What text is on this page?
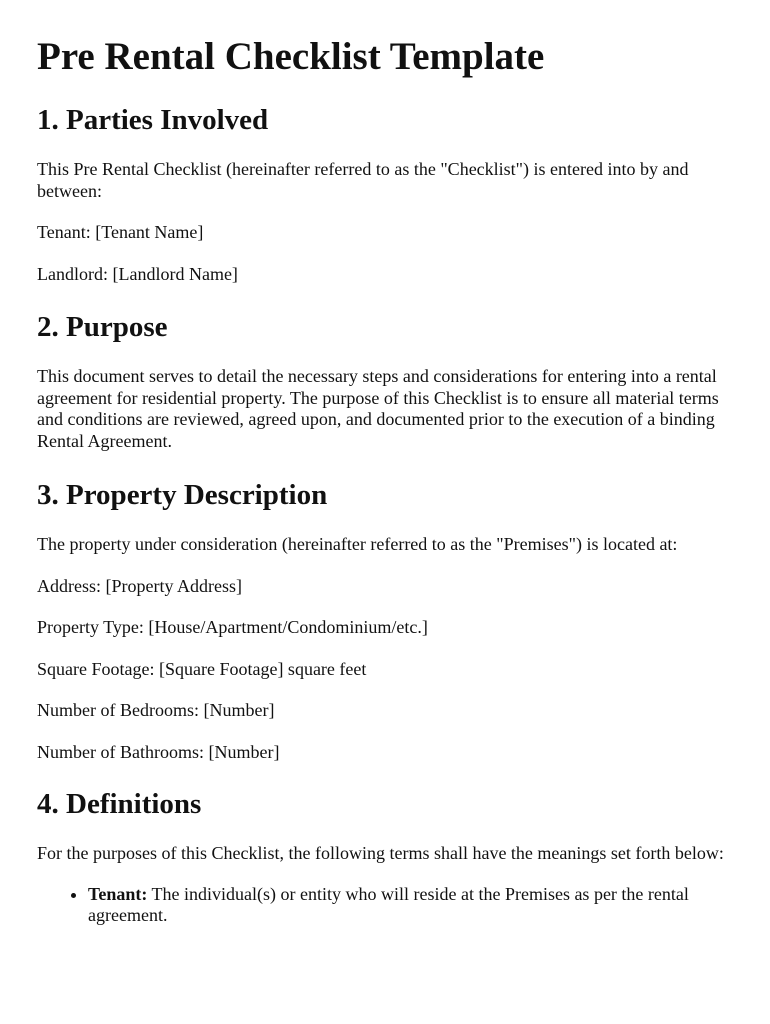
Pre Rental Checklist Template
1. Parties Involved

This Pre Rental Checklist (hereinafter referred to as the "Checklist") is entered into by and between:

Tenant: [Tenant Name]

Landlord: [Landlord Name]

2. Purpose

This document serves to detail the necessary steps and considerations for entering into a rental agreement for residential property. The purpose of this Checklist is to ensure all material terms and conditions are reviewed, agreed upon, and documented prior to the execution of a binding Rental Agreement.

3. Property Description

The property under consideration (hereinafter referred to as the "Premises") is located at:

Address: [Property Address]

Property Type: [House/Apartment/Condominium/etc.]

Square Footage: [Square Footage] square feet

Number of Bedrooms: [Number]

Number of Bathrooms: [Number]

4. Definitions

For the purposes of this Checklist, the following terms shall have the meanings set forth below:

• Tenant: The individual(s) or entity who will reside at the Premises as per the rental agreement.
